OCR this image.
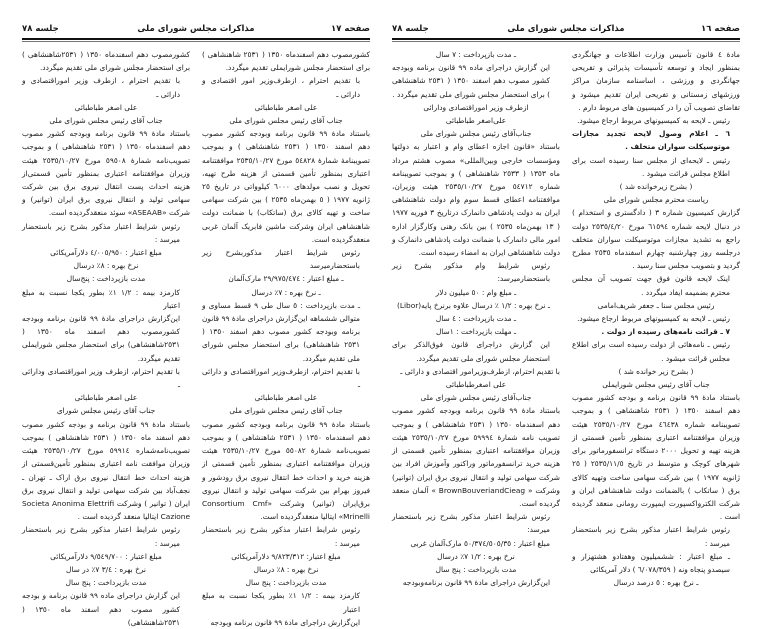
صفحه ١٧
مذاکرات مجلس شورای ملی
جلسه ٧٨

کشورمصوب دهم اسفندماه ١٣٥٠ ( ٢٥٣١ شاهنشاهی ) برای استحضار مجلس شورایملی تقدیم میگردد.

با تقدیم احترام ، ازطرف‌وزیر امور اقتصادی و دارائی ـ

علی اصغر طباطبائی

جناب آقای رئیس مجلس شورای ملی

باستناد مادۀ ٩٩ قانون برنامه وبودجه کشور مصوب دهم اسفند ١٣٥٠ ( ٢٥٣١ شاهنشاهی ) و بموجب تصویبنامۀ شمارۀ ٥٤٨٢٨ مورخ ٢٥٣٥/١٠/٢٧ موافقتنامه اعتباری بمنظور تأمین قسمتی از هزینه طرح تهیه، تحویل و نصب مولدهای ٦٠٠٠ کیلوواتی در تاریخ ٢٥ ژانویه ١٩٧٧ ( ٥ بهمن‌ماه ٢٥٣٥ ) بین شرکت سهامی ساخت و تهیه کالای برق (ساتکاب) با ضمانت دولت شاهنشاهی ایران وشرکت ماشین فابریک آلمان غربی منعقدگردیده است.

رئوس شرایط اعتبار مذکوربشرح زیر باستحضارمیرسد

ـ مبلغ اعتبار : ٢٩/٩٧٥/٤٧٤ مارک‌آلمان

ـ نرخ بهره : ٧٪ درسال

ـ مدت بازپرداخت : ٥ سال طی ٩ قسط مساوی و متوالی ششماهه این‌گزارش دراجرای مادۀ ٩٩ قانون برنامه وبودجه کشور مصوب دهم اسفند ١٣٥٠ ( ٢٥٣١ شاهنشاهی) برای استحضار مجلس شورای ملی تقدیم میگردد.

با تقدیم احترام، ازطرف‌وزیر اموراقتصادی و دارائی ـ

علی اصغر طباطبائی

جناب آقای رئیس مجلس شورای ملی

باستناد مادۀ ٩٩ قانون برنامه وبودجه کشور مصوب دهم اسفندماه ١٣٥٠ ( ٢٥٣١ شاهنشاهی ) و بموجب تصویب‌نامه شمارۀ ٥٥٠٨٢ مورخ ٢٥٣٥/١٠/٢٧ هیئت وزیران موافقتنامه اعتباری بمنظور تأمین قسمتی از هزینه خرید و احداث خط انتقال نیروی برق رودشور و فیروز بهرام بین شرکت سهامی تولید و انتقال نیروی برق‌ایران (توانیر) وشرکت «Consortium Cmf Mrinelli» ایتالیا منعقدگردیده است.

رئوس شرایط اعتبار مذکور بشرح زیر باستحضار میرسد :

مبلغ اعتبار: ٩/٨٢٣/٣١٢ دلارآمریکائی

نرخ بهره : ٨٪ درسال

مدت بازپرداخت : پنج سال

کارمزد بیمه : ١/٢ ١٪ بطور یکجا نسبت به مبلغ اعتبار

این‌گزارش دراجرای مادۀ ٩٩ قانون برنامه وبودجه

کشورمصوب دهم اسفندماه ١٣٥٠ ( ٢٥٣١شاهنشاهی ) برای استحضار مجلس شورای ملی تقدیم میگردد.

با تقدیم احترام ، ازطرف وزیر اموراقتصادی و دارائی ـ

علی اصغر طباطبائی

جناب آقای رئیس مجلس شورای ملی

باستناد مادۀ ٩٩ قانون برنامه وبودجه کشور مصوب دهم اسفندماه ١٣٥٠ ( ٢٥٣١ شاهنشاهی ) و بموجب تصویب‌نامه شمارۀ ٥٩٥٠٨ مورخ ٢٥٣٥/١٠/٢٧ هیئت وزیران موافقتنامه اعتباری بمنظور تأمین قسمتی‌از هزینه احداث پست انتقال نیروی برق بین شرکت سهامی تولید و انتقال نیروی برق ایران (توانیر) و شرکت «ASEAAB» سوئد منعقدگردیده است.

رئوس شرایط اعتبار مذکور بشرح زیر باستحضار میرسد :

مبلغ اعتبار : ٤/٠٠٥/٩٥٠ دلارآمریکائی

نرخ بهره : ٨٪ درسال

مدت بازپرداخت : پنج‌سال

کارمزد بیمه : ١/٢ ١٪ بطور یکجا نسبت به مبلغ اعتبار

این‌گزارش دراجرای مادۀ ٩٩ قانون برنامه وبودجه کشورمصوب دهم اسفند ماه ١٣٥٠ ( ٢٥٣١شاهنشاهی) برای استحضار مجلس شورایملی تقدیم میگردد.

با تقدیم احترام، ازطرف وزیر اموراقتصادی ودارائی ـ

علی اصغر طباطبائی

جناب آقای رئیس مجلس شورای

باستناد مادۀ ٩٩ قانون برنامه و بودجه کشور مصوب دهم اسفند ماه ١٣٥٠ ( ٢٥٣١ شاهنشاهی ) بموجب تصویب‌نامه‌شماره ٥٩٩١٤ مورخ ٢٥٣٥/١٠/٢٧ هیئت وزیران موافقت نامه اعتباری بمنظور تأمین‌قسمتی از هزینه احداث خط انتقال نیروی برق اراک ـ تهران ـ نجف‌آباد بین شرکت سهامی تولید و انتقال نیروی برق ایران ( توانیر ) وشرکت Societa Anonima Elettrifi Cazione ایتالیا منعقد گردیده است .

رئوس شرایط اعتبار مذکور بشرح زیر باستحضار میرسد :

مبلغ اعتبار : ٩/٥٤٩/٧٠٠ دلارآمریکائی

نرخ بهره : ٣/٤ ٧٪ در سال

مدت بازپرداخت : پنج سال

این گزارش دراجرای ماده ٩٩ قانون برنامه و بودجه کشور مصوب دهم اسفند ماه ١٣٥٠ ( ٢٥٣١شاهنشاهی)

صفحه ١٦
مذاکرات مجلس شورای ملی
جلسه ٧٨

مادۀ ٤ قانون تأسیس وزارت اطلاعات و جهانگردی بمنظور ایجاد و توسعه تأسیسات پذیرائی و تفریحی جهانگردی و ورزشی ، اساسنامه سازمان مراکز ورزشهای زمستانی و تفریحی ایران تقدیم میشود و تقاضای تصویب آن را در کمیسیون های مربوط دارم .

رئیس ـ لایحه به کمیسیونهای مربوط ارجاع میشود.

٦ ـ اعلام وصول لایحه تجدید مجازات موتوسیکلت سواران متخلف .

رئیس ـ لایحه‌ای از مجلس سنا رسیده است برای اطلاع مجلس قرائت میشود .

( بشرح زیرخوانده شد )

ریاست محترم مجلس شورای ملی

گزارش کمیسیون شماره ٣ ( دادگستری و استخدام ) در دنبال لایحه شماره ٦١٥٩٤ مورخ ٢٥٣٥/٤/٢٠ دولت راجع به تشدید مجازات موتوسیکلت سواران متخلف درجلسه روز چهارشنبه چهارم اسفندماه ٢٥٣٥ مطرح گردید و بتصویب مجلس سنا رسید .

اینک لایحه قانون فوق جهت تصویب آن مجلس محترم بضمیمه ایفاد میگردد .

رئیس مجلس سنا ـ جعفر شریف‌امامی

رئیس ـ لایحه به کمیسیونهای مربوط ارجاع میشود.

٧ ـ قرائت نامه‌های رسیده از دولت .

رئیس ـ نامه‌هائی از دولت رسیده است برای اطلاع مجلس قرائت میشود .

( بشرح زیر خوانده شد )

جناب آقای رئیس مجلس شورایملی

باستناد مادۀ ٩٩ قانون برنامه و بودجه کشور مصوب دهم اسفند ١٣٥٠ ( ٢٥٣١ شاهنشاهی ) و بموجب تصویبنامه شماره ٤٦٤٣٨ مورخ ٢٥٣٥/١٠/٢٧ هیئت وزیران موافقتنامه اعتباری بمنظور تأمین قسمتی از هزینه تهیه و تحویل ٢٠٠٠ دستگاه ترانسفورماتور برای شهرهای کوچک و متوسط در تاریخ ٢٥٣٥/١١/٥ ( ٢٥ ژانویه ١٩٧٧ ) بین شرکت سهامی ساخت وتهیه کالای برق ( ساتکاب ) بالضمانت دولت شاهنشاهی ایران و شرکت الکترواکسپورت ایمپورت رومانی منعقد گردیده است .

رئوس شرایط اعتبار مذکور بشرح زیر باستحضار میرسد :

ـ مبلغ اعتبار : ششمیلیون وهفتادو هشتهزار و سیصدو پنجاه ونه ( ٦/٠٧٨/٣٥٩ ) دلار آمریکائی

ـ نرخ بهره : ٥ درصد درسال

ـ مدت بازپرداخت : ٧ سال

این گزارش دراجرای ماده ٩٩ قانون برنامه وبودجه کشور مصوب دهم اسفند ١٣٥٠ ( ٢٥٣١ شاهنشاهی ) برای استحضار مجلس شورای ملی تقدیم میگردد .

ازطرف وزیر اموراقتصادی ودارائی

علی‌اصغر طباطبائی

جناب‌آقای رئیس مجلس شورای ملی

باستناد «قانون اجازه اعطای وام و اعتبار به دولتها ومؤسسات خارجی وبین‌المللی» مصوب هشتم مرداد ماه ١٣٥٣ ( ٢٥٣٣ شاهنشاهی ) و بموجب تصویبنامه شماره ٥٤٧١٢ مورخ ٢٥٣٥/١٠/٢٧ هیئت وزیران، موافقتنامه اعطای قسط سوم وام دولت شاهنشاهی ایران به دولت پادشاهی دانمارک درتاریخ ٣ فوریه ١٩٧٧ ( ١٣ بهمن‌ماه ٢٥٣٥ ) بین بانک رهنی وکارگزار اداره امور مالی دانمارک با ضمانت دولت پادشاهی دانمارک و دولت شاهنشاهی ایران به امضاء رسیده است.

رئوس شرایط وام مذکور بشرح زیر باستحضارمیرسد:

ـ مبلغ وام : ٥٠ میلیون دلار

ـ نرخ بهره : ١/٢ ٪ درسال علاوه برنرخ پایه(Libor)

ـ مدت بازپرداخت : ٤ سال

ـ مهلت بازپرداخت : ١سال

این گزارش دراجرای قانون فوق‌الذکر برای استحضار مجلس شورای ملی تقدیم میگردد.

با تقدیم احترام، ازطرف‌وزیرامور اقتصادی و دارائی ـ

علی اصغرطباطبائی

جناب‌آقای رئیس مجلس شورای ملی

باستناد مادۀ ٩٩ قانون برنامه وبودجه کشور مصوب دهم اسفندماه ١٣٥٠ ( ٢٥٣١ شاهنشاهی ) و بموجب تصویب نامه شمارۀ ٥٩٩٩٤ مورخ ٢٥٣٥/١٠/٢٧ هیئت وزیران موافقتنامه اعتباری بمنظور تأمین قسمتی از هزینه خرید ترانسفورماتور وراکتور وآموزش افراد بین شرکت سهامی تولید و انتقال نیروی برق ایران (توانیر) وشرکت « BrownBouveriandCieag » آلمان منعقد گردیده است.

رئوس شرایط اعتبار مذکور بشرح زیر باستحضار میرسد:

مبلغ اعتبار : ٥٠/٣٧٤/٥٠٥/٣٥ مارک‌آلمان غربی

نرخ بهره : ١/٢ ٧٪ درسال

مدت بازپرداخت : پنج سال

این‌گزارش دراجرای مادۀ ٩٩ قانون برنامه‌وبودجه
